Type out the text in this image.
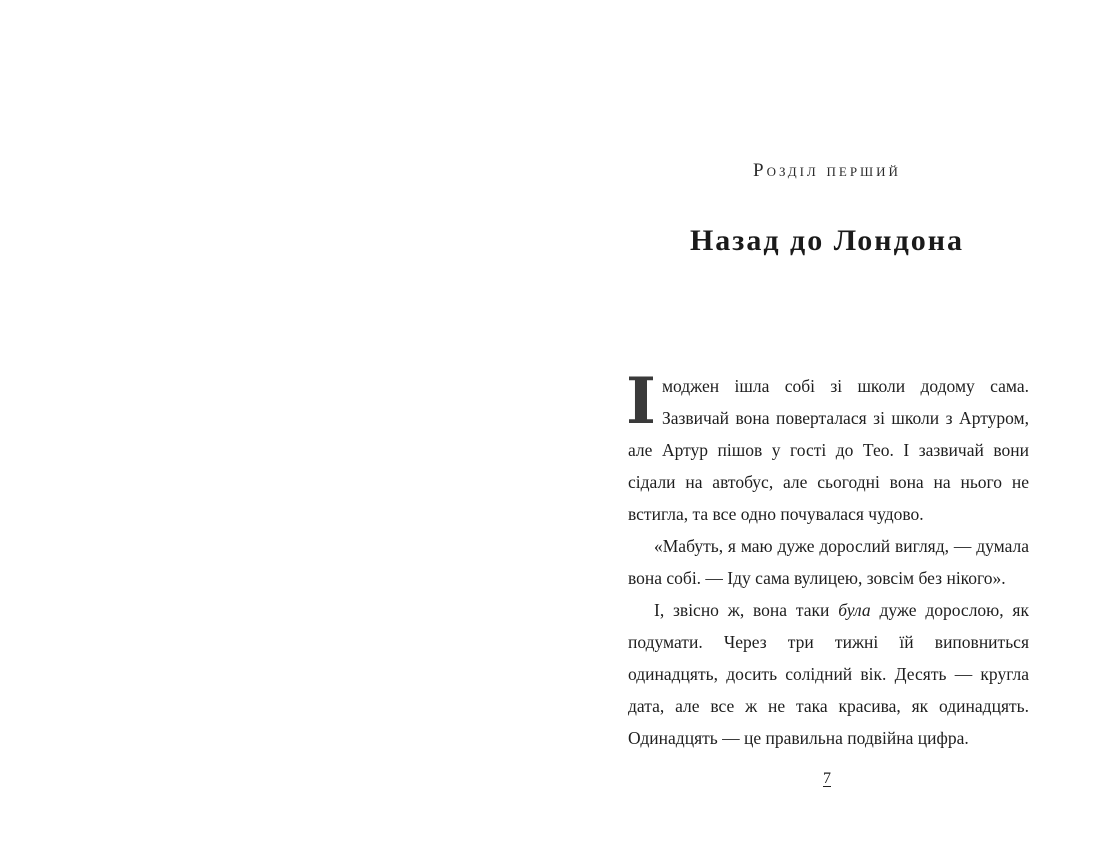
Розділ перший
Назад до Лондона

Імоджен ішла собі зі школи додому сама. Зазвичай вона поверталася зі школи з Артуром, але Артур пішов у гості до Тео. І зазвичай вони сідали на автобус, але сьогодні вона на нього не встигла, та все одно почувалася чудово.

«Мабуть, я маю дуже дорослий вигляд, — думала вона собі. — Іду сама вулицею, зовсім без нікого».

І, звісно ж, вона таки була дуже дорослою, як подумати. Через три тижні їй виповниться одинадцять, досить солідний вік. Десять — кругла дата, але все ж не така красива, як одинадцять. Одинадцять — це правильна подвійна цифра.

7
